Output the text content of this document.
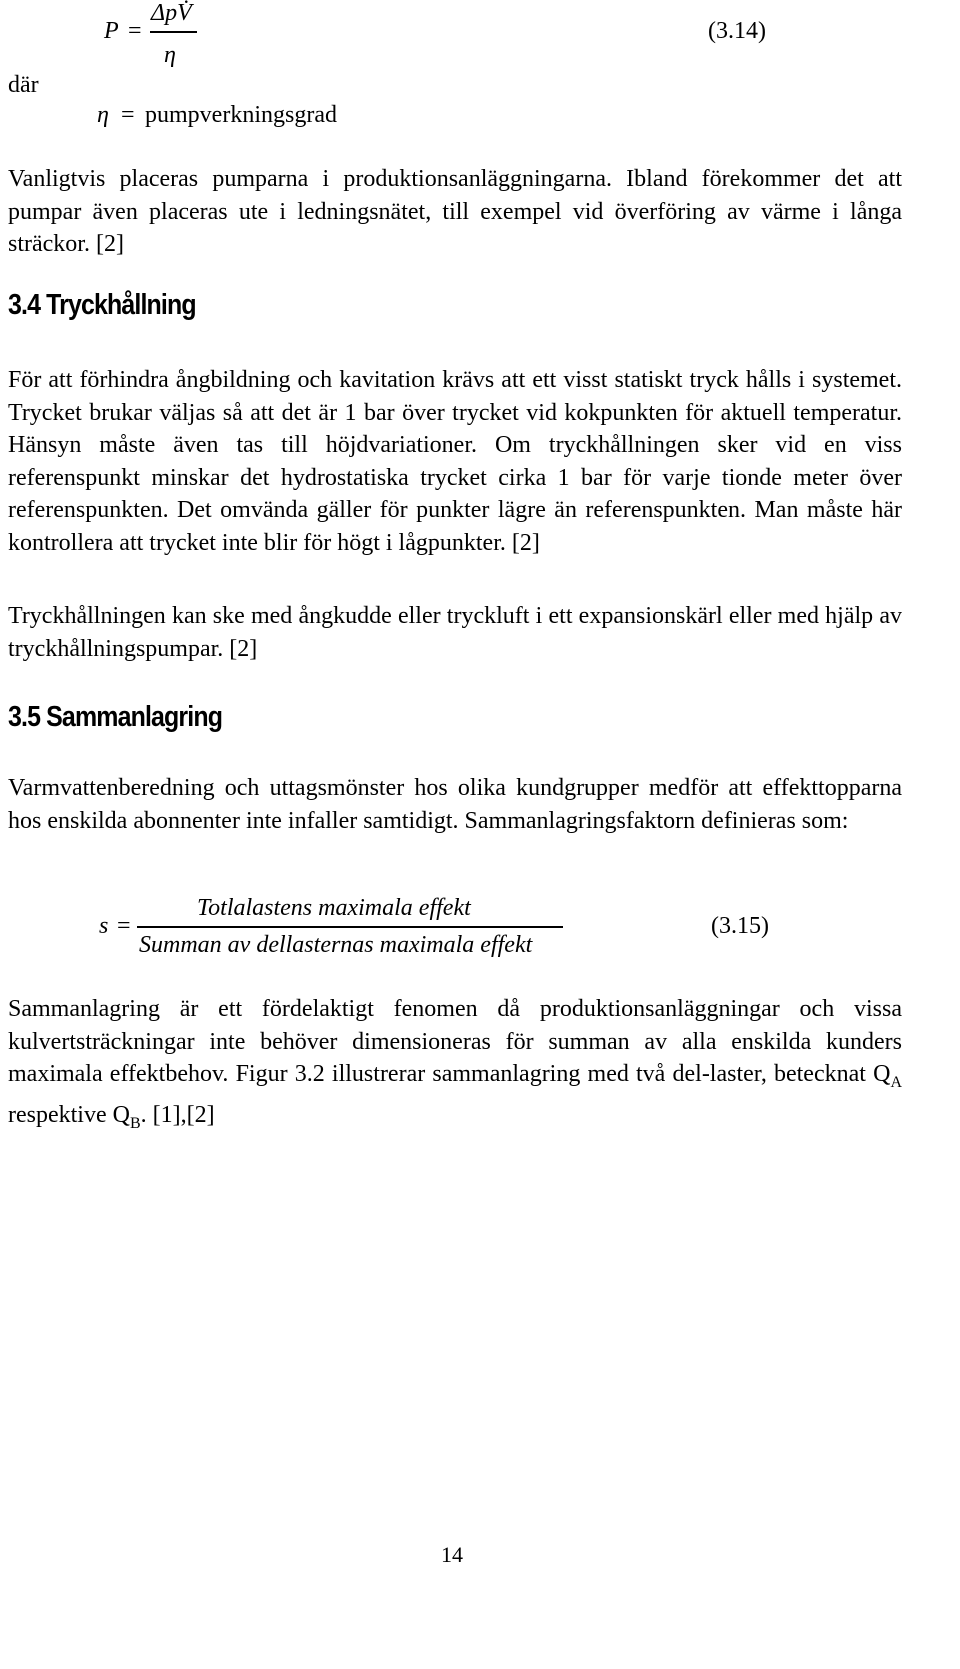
P =
ΔpV̇
η
(3.14)
där
η = pumpverkningsgrad
Vanligtvis placeras pumparna i produktionsanläggningarna. Ibland förekommer det att pumpar även placeras ute i ledningsnätet, till exempel vid överföring av värme i långa sträckor. [2]
3.4 Tryckhållning
För att förhindra ångbildning och kavitation krävs att ett visst statiskt tryck hålls i systemet. Trycket brukar väljas så att det är 1 bar över trycket vid kokpunkten för aktuell temperatur. Hänsyn måste även tas till höjdvariationer. Om tryckhållningen sker vid en viss referenspunkt minskar det hydrostatiska trycket cirka 1 bar för varje tionde meter över referenspunkten. Det omvända gäller för punkter lägre än referenspunkten. Man måste här kontrollera att trycket inte blir för högt i lågpunkter. [2]
Tryckhållningen kan ske med ångkudde eller tryckluft i ett expansionskärl eller med hjälp av tryckhållningspumpar. [2]
3.5 Sammanlagring
Varmvattenberedning och uttagsmönster hos olika kundgrupper medför att effekttopparna hos enskilda abonnenter inte infaller samtidigt. Sammanlagringsfaktorn definieras som:
s =
Totlalastens maximala effekt
Summan av dellasternas maximala effekt
(3.15)
Sammanlagring är ett fördelaktigt fenomen då produktionsanläggningar och vissa kulvertsträckningar inte behöver dimensioneras för summan av alla enskilda kunders maximala effektbehov. Figur 3.2 illustrerar sammanlagring med två del-laster, betecknat $Q_A$ respektive $Q_B$. [1],[2]
14
